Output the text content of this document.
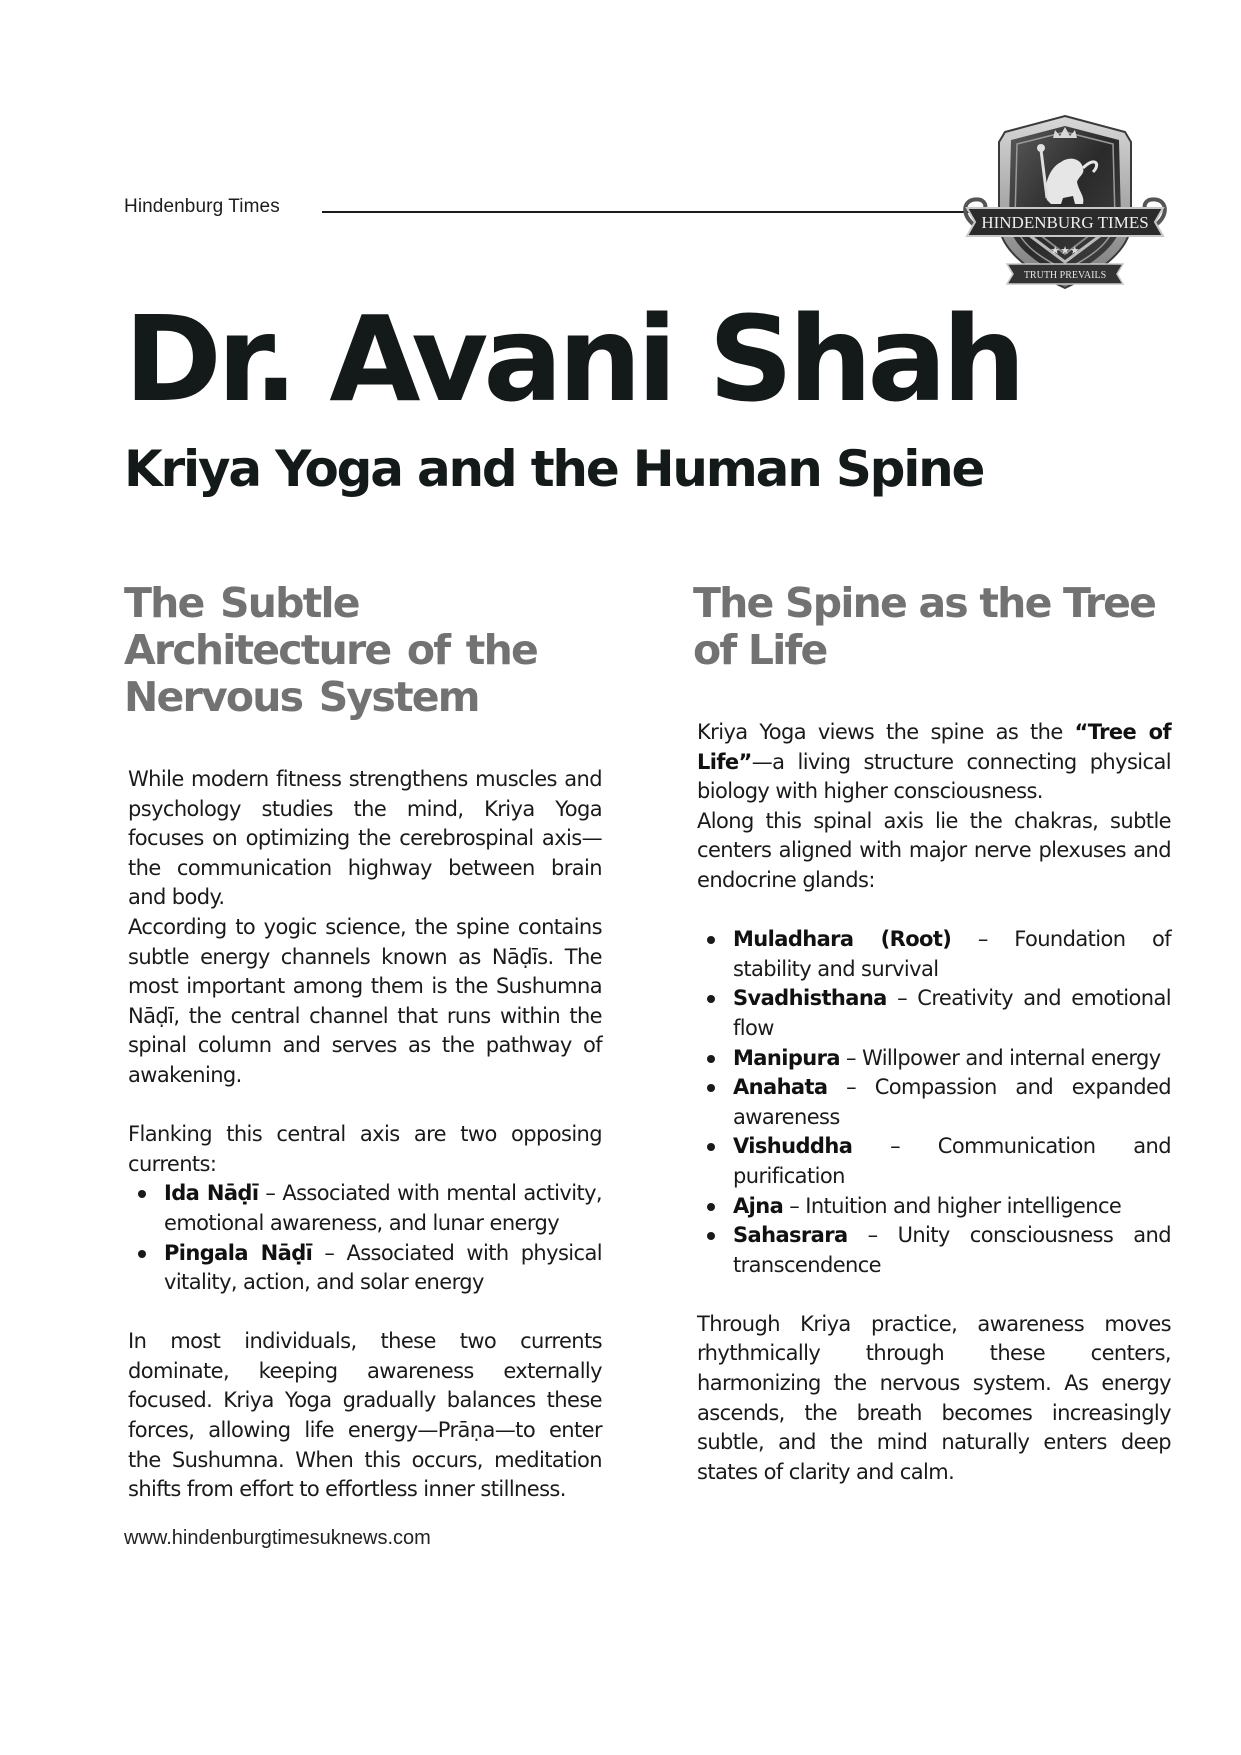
Hindenburg Times
HINDENBURG TIMES
★★★
TRUTH PREVAILS
Dr. Avani Shah
Kriya Yoga and the Human Spine
The Subtle Architecture of the Nervous System

While modern fitness strengthens muscles and psychology studies the mind, Kriya Yoga focuses on optimizing the cerebrospinal axis—the communication highway between brain and body.

According to yogic science, the spine contains subtle energy channels known as Nāḍīs. The most important among them is the Sushumna Nāḍī, the central channel that runs within the spinal column and serves as the pathway of awakening.

Flanking this central axis are two opposing currents:

Ida Nāḍī – Associated with mental activity, emotional awareness, and lunar energy
Pingala Nāḍī – Associated with physical vitality, action, and solar energy

In most individuals, these two currents dominate, keeping awareness externally focused. Kriya Yoga gradually balances these forces, allowing life energy—Prāṇa—to enter the Sushumna. When this occurs, meditation shifts from effort to effortless inner stillness.

The Spine as the Tree of Life

Kriya Yoga views the spine as the “Tree of Life”—a living structure connecting physical biology with higher consciousness.

Along this spinal axis lie the chakras, subtle centers aligned with major nerve plexuses and endocrine glands:

Muladhara (Root) – Foundation of stability and survival
Svadhisthana – Creativity and emotional flow
Manipura – Willpower and internal energy
Anahata – Compassion and expanded awareness
Vishuddha – Communication and purification
Ajna – Intuition and higher intelligence
Sahasrara – Unity consciousness and transcendence

Through Kriya practice, awareness moves rhythmically through these centers, harmonizing the nervous system. As energy ascends, the breath becomes increasingly subtle, and the mind naturally enters deep states of clarity and calm.

www.hindenburgtimesuknews.com
